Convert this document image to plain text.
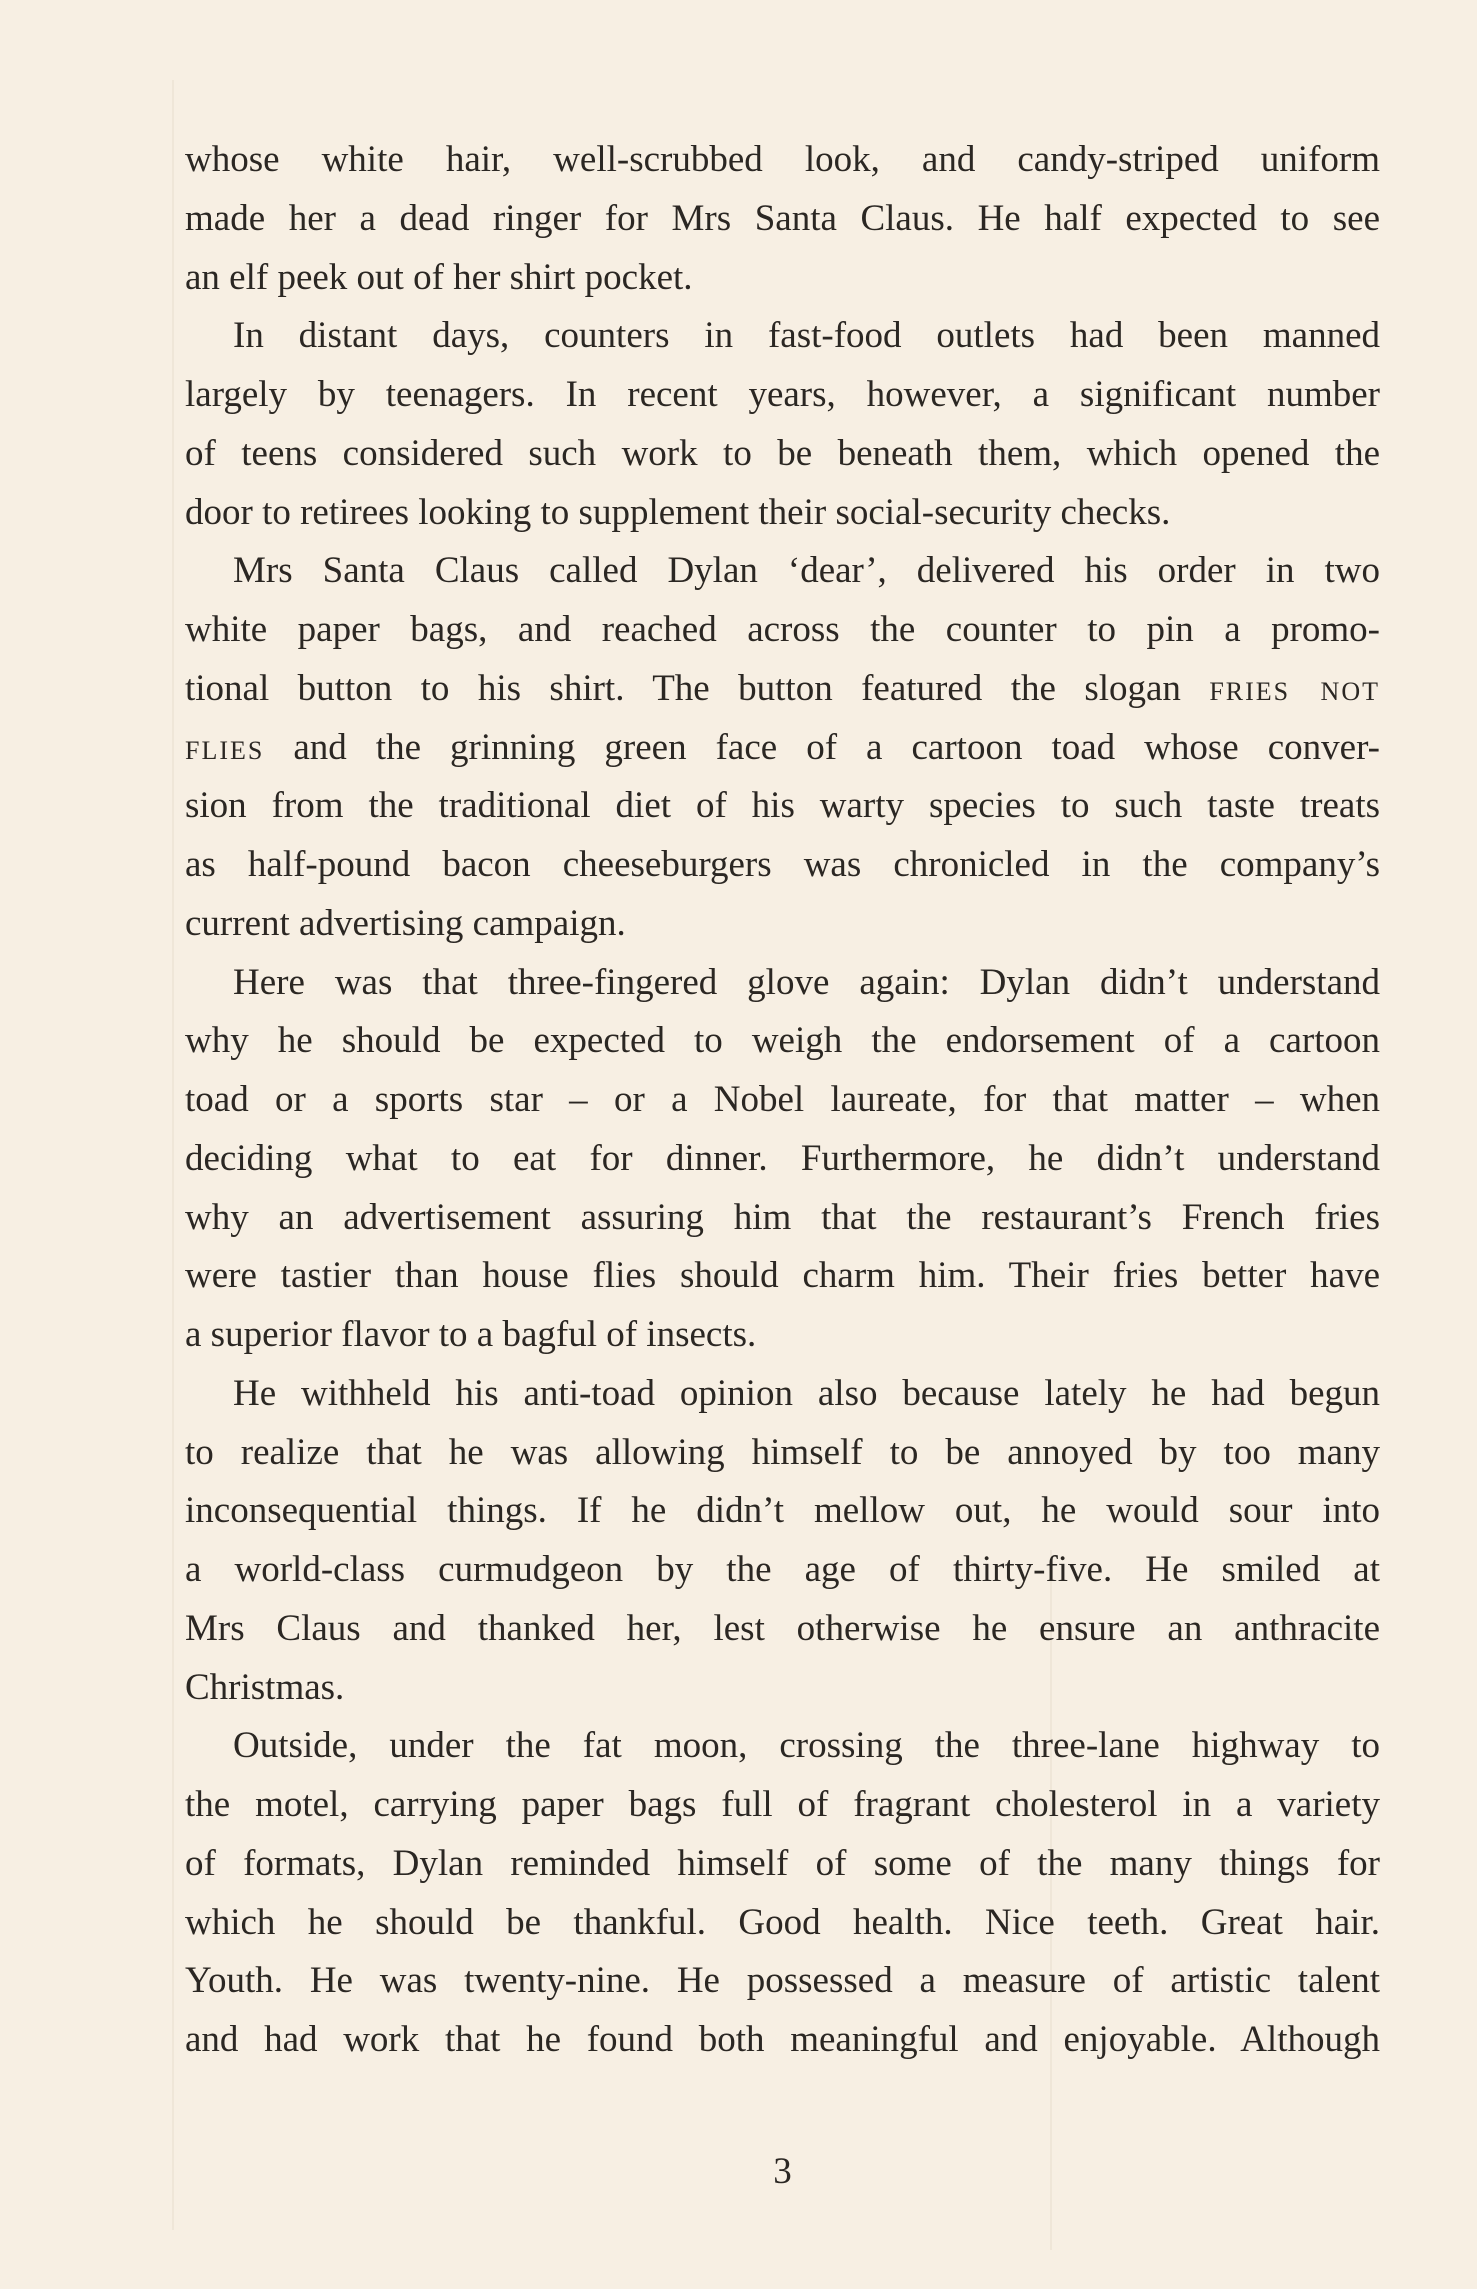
whose white hair, well-scrubbed look, and candy-striped uniform
made her a dead ringer for Mrs Santa Claus. He half expected to see
an elf peek out of her shirt pocket.
In distant days, counters in fast-food outlets had been manned
largely by teenagers. In recent years, however, a significant number
of teens considered such work to be beneath them, which opened the
door to retirees looking to supplement their social-security checks.
Mrs Santa Claus called Dylan ‘dear’, delivered his order in two
white paper bags, and reached across the counter to pin a promo-
tional button to his shirt. The button featured the slogan fries not
flies and the grinning green face of a cartoon toad whose conver-
sion from the traditional diet of his warty species to such taste treats
as half-pound bacon cheeseburgers was chronicled in the company’s
current advertising campaign.
Here was that three-fingered glove again: Dylan didn’t understand
why he should be expected to weigh the endorsement of a cartoon
toad or a sports star – or a Nobel laureate, for that matter – when
deciding what to eat for dinner. Furthermore, he didn’t understand
why an advertisement assuring him that the restaurant’s French fries
were tastier than house flies should charm him. Their fries better have
a superior flavor to a bagful of insects.
He withheld his anti-toad opinion also because lately he had begun
to realize that he was allowing himself to be annoyed by too many
inconsequential things. If he didn’t mellow out, he would sour into
a world-class curmudgeon by the age of thirty-five. He smiled at
Mrs Claus and thanked her, lest otherwise he ensure an anthracite
Christmas.
Outside, under the fat moon, crossing the three-lane highway to
the motel, carrying paper bags full of fragrant cholesterol in a variety
of formats, Dylan reminded himself of some of the many things for
which he should be thankful. Good health. Nice teeth. Great hair.
Youth. He was twenty-nine. He possessed a measure of artistic talent
and had work that he found both meaningful and enjoyable. Although
3
